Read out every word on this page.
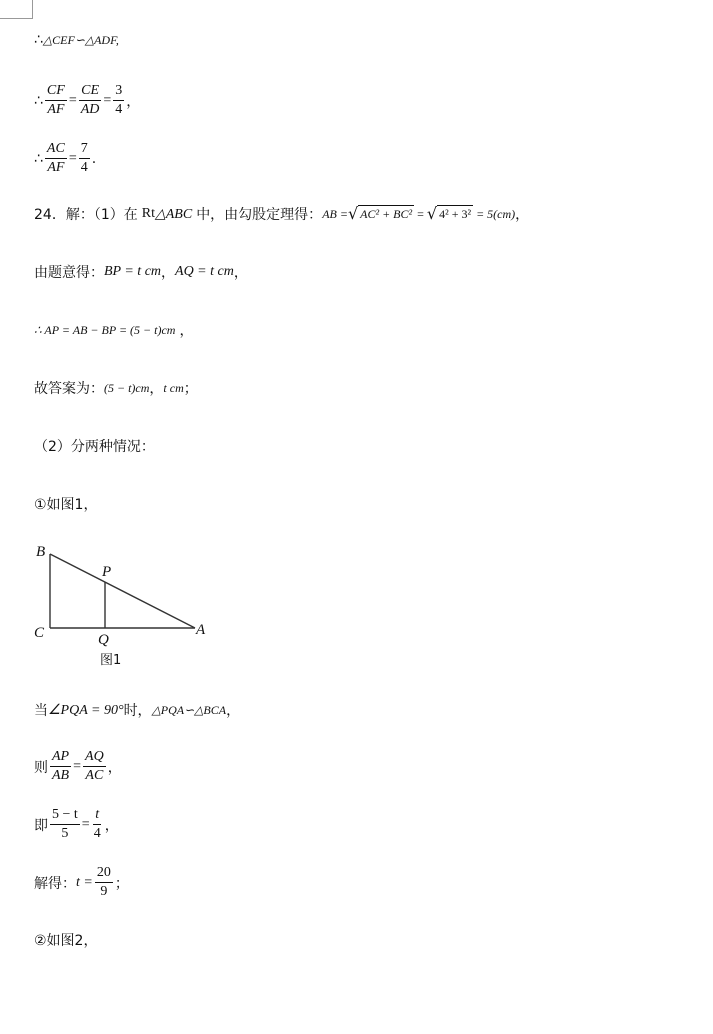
∴ △CEF∽△ADF,
∴ $\frac{CF}{AF} = \frac{CE}{AD} = \frac{3}{4}$ ，
∴ $\frac{AC}{AF} = \frac{7}{4}$ .
24．解：（1）在 Rt △ABC 中，由勾股定理得： AB = √ AC² + BC² = √ 4² + 3² = 5(cm) ，
由题意得： BP = t cm ， AQ = t cm ，
∴ AP = AB − BP = (5 − t)cm ，
故答案为： (5 − t)cm ， t cm ；
（2）分两种情况：
①如图1，
B
P
C	Q
A
图1
当 ∠PQA = 90° 时， △PQA∽△BCA ，
则 $\frac{AP}{AB} = \frac{AQ}{AC}$ ，
即 $\frac{5 - t}{5} = \frac{t}{4}$ ，
解得： $t = \frac{20}{9}$ ；
②如图2，
